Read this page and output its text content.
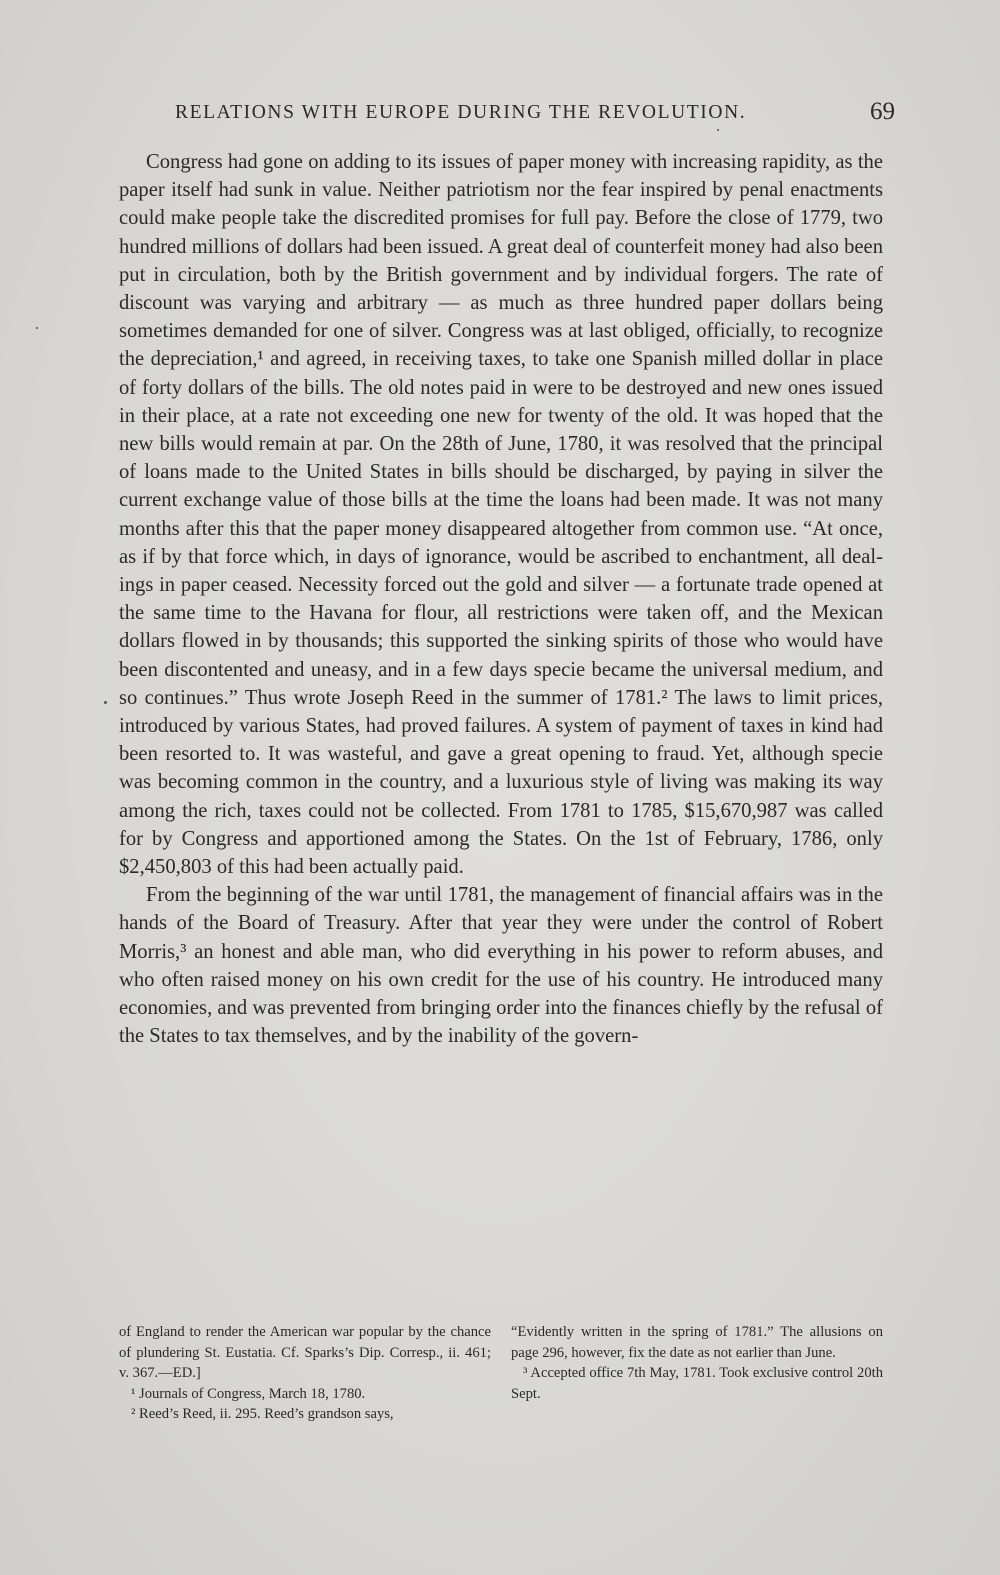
RELATIONS WITH EUROPE DURING THE REVOLUTION.	69

Congress had gone on adding to its issues of paper money with increasing rapidity, as the paper itself had sunk in value. Neither patriotism nor the fear inspired by penal enactments could make people take the discredited promises for full pay. Before the close of 1779, two hundred millions of dollars had been issued. A great deal of counterfeit money had also been put in circulation, both by the British government and by individual forgers. The rate of discount was varying and arbitrary — as much as three hundred paper dollars being sometimes demanded for one of silver. Congress was at last obliged, officially, to recognize the depreciation,¹ and agreed, in receiving taxes, to take one Spanish milled dollar in place of forty dollars of the bills. The old notes paid in were to be destroyed and new ones issued in their place, at a rate not exceeding one new for twenty of the old. It was hoped that the new bills would remain at par. On the 28th of June, 1780, it was resolved that the principal of loans made to the United States in bills should be discharged, by paying in silver the current exchange value of those bills at the time the loans had been made. It was not many months after this that the paper money disappeared altogether from common use. “At once, as if by that force which, in days of ignorance, would be ascribed to enchantment, all dealings in paper ceased. Necessity forced out the gold and silver — a fortunate trade opened at the same time to the Havana for flour, all restrictions were taken off, and the Mexican dollars flowed in by thousands; this supported the sinking spirits of those who would have been discontented and uneasy, and in a few days specie became the universal medium, and so continues.” Thus wrote Joseph Reed in the summer of 1781.² The laws to limit prices, introduced by various States, had proved failures. A system of payment of taxes in kind had been resorted to. It was wasteful, and gave a great opening to fraud. Yet, although specie was becoming common in the country, and a luxurious style of living was making its way among the rich, taxes could not be collected. From 1781 to 1785, $15,670,987 was called for by Congress and apportioned among the States. On the 1st of February, 1786, only $2,450,803 of this had been actually paid.

From the beginning of the war until 1781, the management of financial affairs was in the hands of the Board of Treasury. After that year they were under the control of Robert Morris,³ an honest and able man, who did everything in his power to reform abuses, and who often raised money on his own credit for the use of his country. He introduced many economies, and was prevented from bringing order into the finances chiefly by the refusal of the States to tax themselves, and by the inability of the govern-

of England to render the American war popular by the chance of plundering St. Eustatia. Cf. Sparks’s Dip. Corresp., ii. 461; v. 367.—ED.]

¹ Journals of Congress, March 18, 1780.

² Reed’s Reed, ii. 295. Reed’s grandson says,

“Evidently written in the spring of 1781.” The allusions on page 296, however, fix the date as not earlier than June.

³ Accepted office 7th May, 1781. Took exclusive control 20th Sept.
